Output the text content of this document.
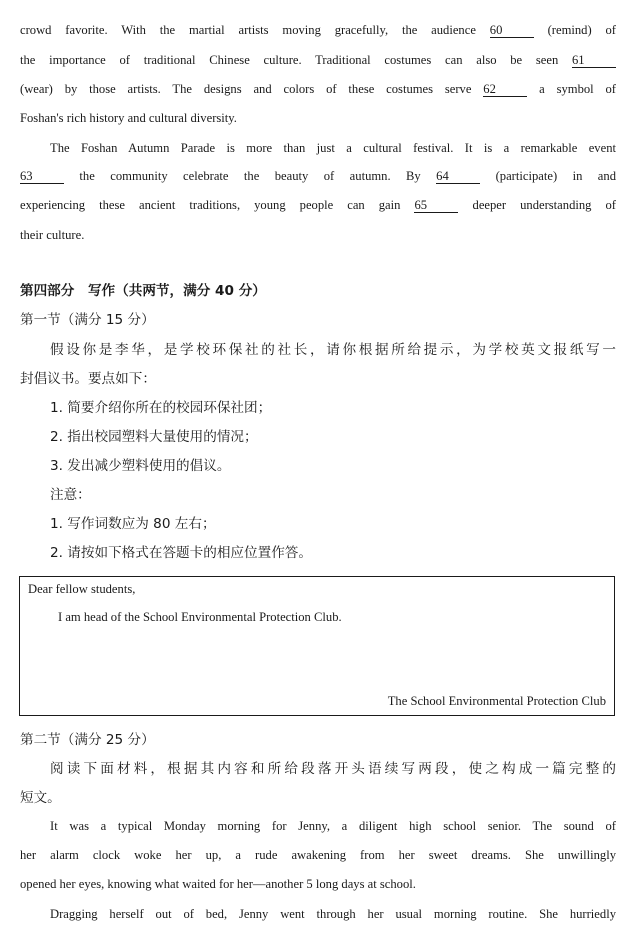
crowd favorite. With the martial artists moving gracefully, the audience 60 (remind) of
the importance of traditional Chinese culture. Traditional costumes can also be seen 61
(wear) by those artists. The designs and colors of these costumes serve 62 a symbol of
Foshan's rich history and cultural diversity.
The Foshan Autumn Parade is more than just a cultural festival. It is a remarkable event
63 the community celebrate the beauty of autumn. By 64 (participate) in and
experiencing these ancient traditions, young people can gain 65 deeper understanding of
their culture.
第四部分　写作（共两节，满分 40 分）
第一节（满分 15 分）
假设你是李华，是学校环保社的社长，请你根据所给提示，为学校英文报纸写一
封倡议书。要点如下：
1. 简要介绍你所在的校园环保社团；
2. 指出校园塑料大量使用的情况；
3. 发出减少塑料使用的倡议。
注意：
1. 写作词数应为 80 左右；
2. 请按如下格式在答题卡的相应位置作答。
Dear fellow students,
I am head of the School Environmental Protection Club.
The School Environmental Protection Club
第二节（满分 25 分）
阅读下面材料，根据其内容和所给段落开头语续写两段，使之构成一篇完整的
短文。
It was a typical Monday morning for Jenny, a diligent high school senior. The sound of
her alarm clock woke her up, a rude awakening from her sweet dreams. She unwillingly
opened her eyes, knowing what waited for her—another 5 long days at school.
Dragging herself out of bed, Jenny went through her usual morning routine. She hurriedly
